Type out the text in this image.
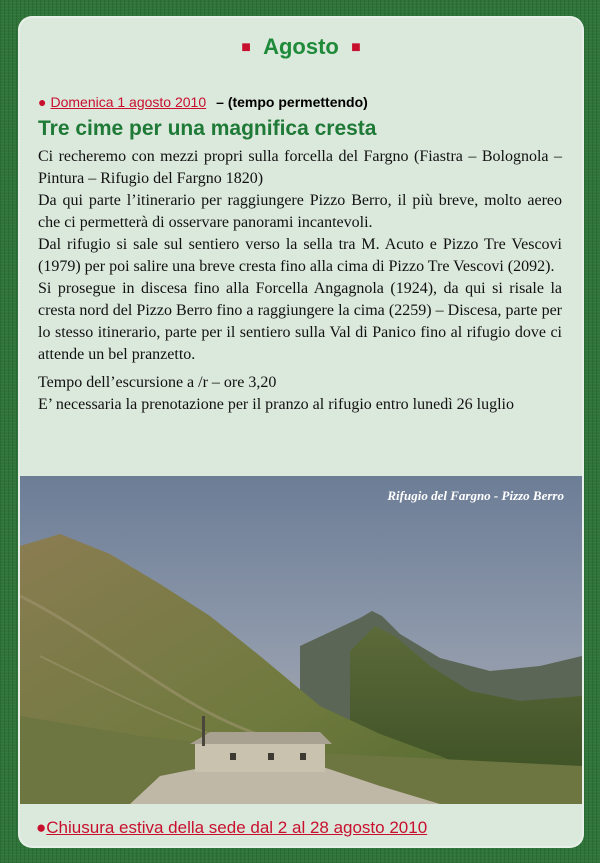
■ Agosto ■
● Domenica 1 agosto 2010 – (tempo permettendo)
Tre cime per una magnifica cresta

Ci recheremo con mezzi propri sulla forcella del Fargno (Fiastra – Bolognola – Pintura – Rifugio del Fargno 1820)

Da qui parte l’itinerario per raggiungere Pizzo Berro, il più breve, molto aereo che ci permetterà di osservare panorami incantevoli.

Dal rifugio si sale sul sentiero verso la sella tra M. Acuto e Pizzo Tre Vescovi (1979) per poi salire una breve cresta fino alla cima di Pizzo Tre Vescovi (2092).

Si prosegue in discesa fino alla Forcella Angagnola (1924), da qui si risale la cresta nord del Pizzo Berro fino a raggiungere la cima (2259) – Discesa, parte per lo stesso itinerario, parte per il sentiero sulla Val di Panico fino al rifugio dove ci attende un bel pranzetto.

Tempo dell’escursione a /r – ore 3,20

E’ necessaria la prenotazione per il pranzo al rifugio entro lunedì 26 luglio

Rifugio del Fargno - Pizzo Berro
●Chiusura estiva della sede dal 2 al 28 agosto 2010
